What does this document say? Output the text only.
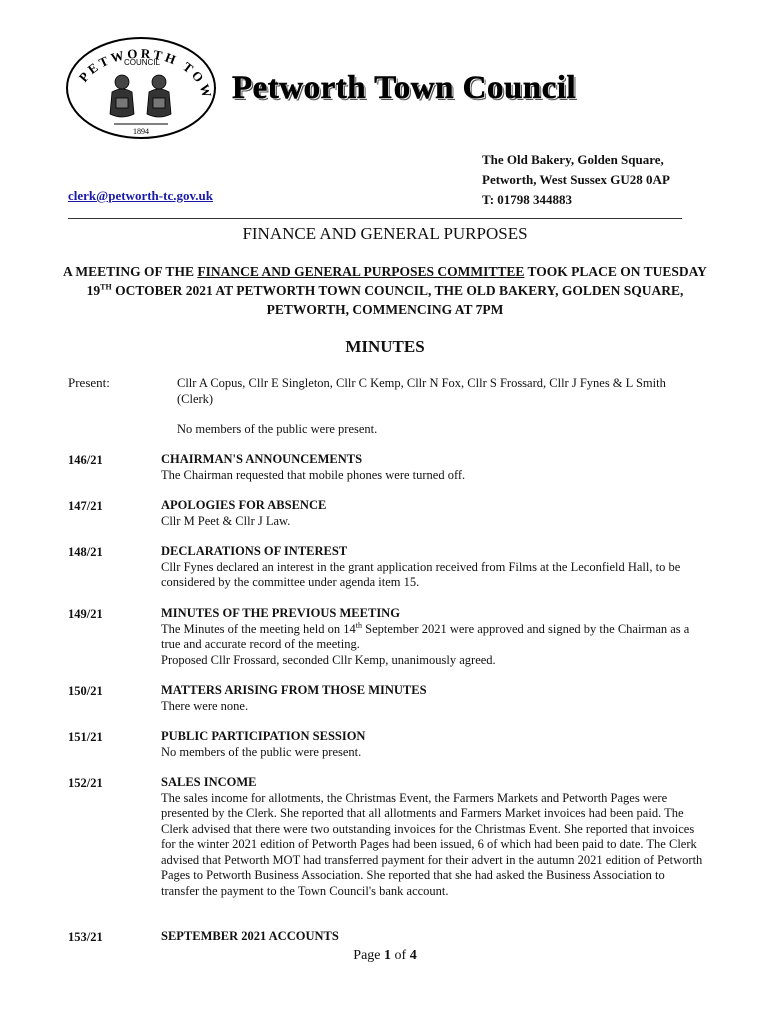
PETWORTH TOW
COUNCIL
1894
Petworth Town Council
The Old Bakery, Golden Square,
Petworth, West Sussex GU28 0AP
T: 01798 344883
clerk@petworth-tc.gov.uk
FINANCE AND GENERAL PURPOSES
A MEETING OF THE FINANCE AND GENERAL PURPOSES COMMITTEE TOOK PLACE ON TUESDAY 19TH OCTOBER 2021 AT PETWORTH TOWN COUNCIL, THE OLD BAKERY, GOLDEN SQUARE, PETWORTH, COMMENCING AT 7PM
MINUTES
Present:	Cllr A Copus, Cllr E Singleton, Cllr C Kemp, Cllr N Fox, Cllr S Frossard, Cllr J Fynes & L Smith (Clerk)
No members of the public were present.
146/21	CHAIRMAN'S ANNOUNCEMENTS
The Chairman requested that mobile phones were turned off.
147/21	APOLOGIES FOR ABSENCE
Cllr M Peet & Cllr J Law.
148/21	DECLARATIONS OF INTEREST
Cllr Fynes declared an interest in the grant application received from Films at the Leconfield Hall, to be considered by the committee under agenda item 15.
149/21	MINUTES OF THE PREVIOUS MEETING
The Minutes of the meeting held on 14th September 2021 were approved and signed by the Chairman as a true and accurate record of the meeting.
Proposed Cllr Frossard, seconded Cllr Kemp, unanimously agreed.
150/21	MATTERS ARISING FROM THOSE MINUTES
There were none.
151/21	PUBLIC PARTICIPATION SESSION
No members of the public were present.
152/21	SALES INCOME
The sales income for allotments, the Christmas Event, the Farmers Markets and Petworth Pages were presented by the Clerk. She reported that all allotments and Farmers Market invoices had been paid. The Clerk advised that there were two outstanding invoices for the Christmas Event. She reported that invoices for the winter 2021 edition of Petworth Pages had been issued, 6 of which had been paid to date. The Clerk advised that Petworth MOT had transferred payment for their advert in the autumn 2021 edition of Petworth Pages to Petworth Business Association. She reported that she had asked the Business Association to transfer the payment to the Town Council's bank account.
153/21	SEPTEMBER 2021 ACCOUNTS
Page 1 of 4
